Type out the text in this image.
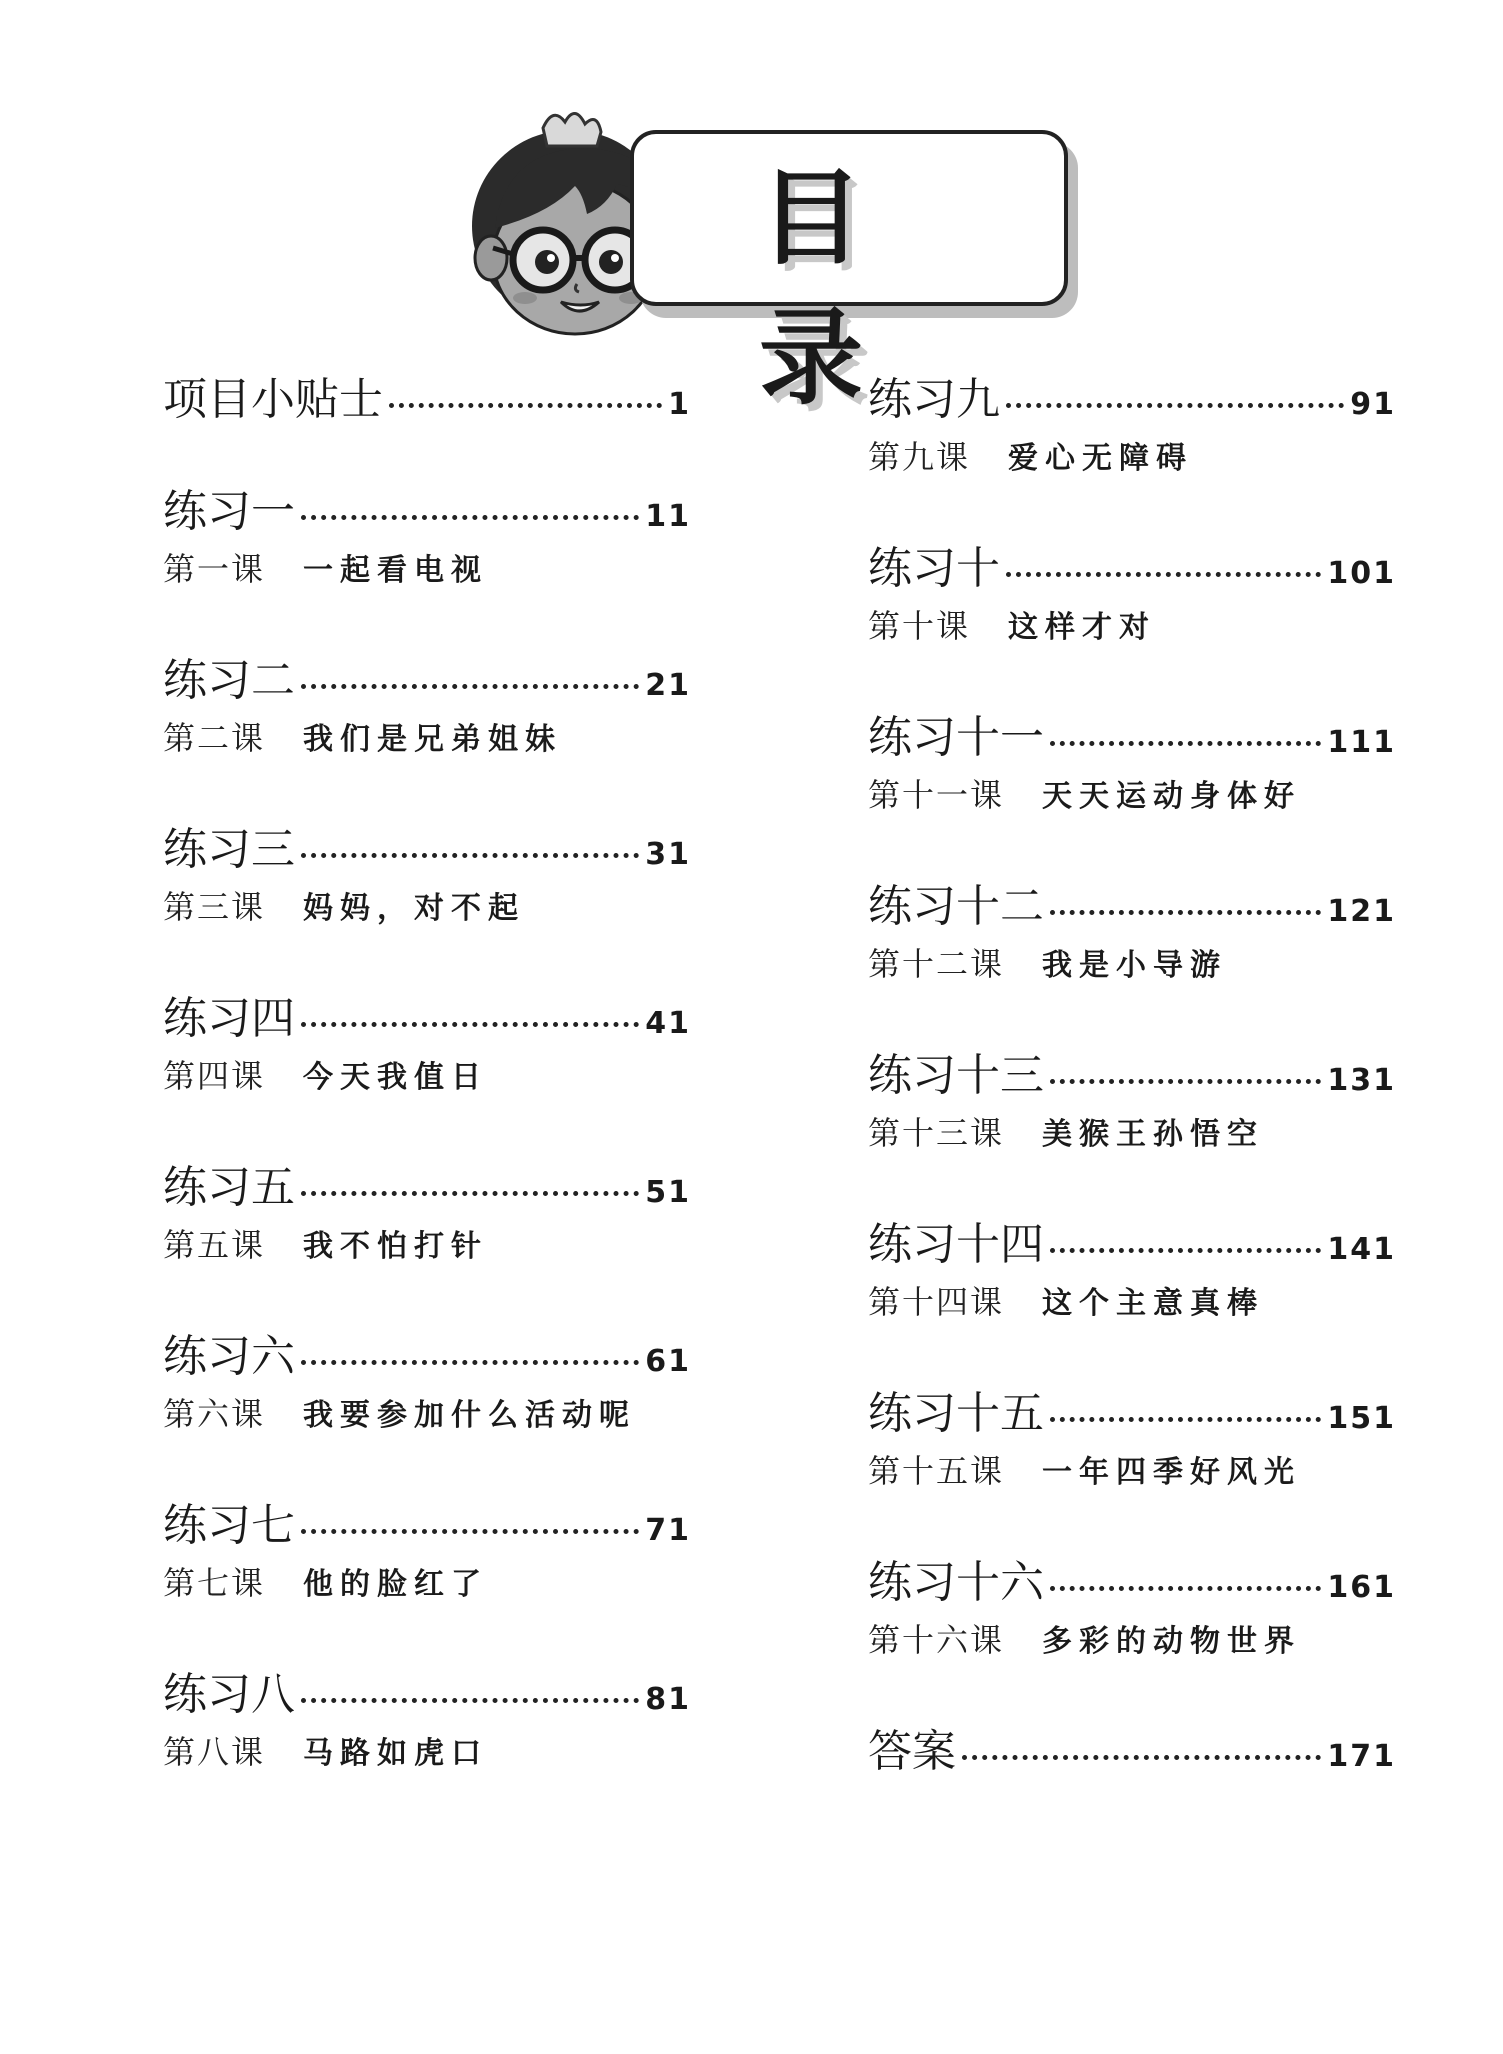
目 录
项目小贴士	1
练习一	11
第一课 一起看电视
练习二	21
第二课 我们是兄弟姐妹
练习三	31
第三课 妈妈，对不起
练习四	41
第四课 今天我值日
练习五	51
第五课 我不怕打针
练习六	61
第六课 我要参加什么活动呢
练习七	71
第七课 他的脸红了
练习八	81
第八课 马路如虎口
练习九	91
第九课 爱心无障碍
练习十	101
第十课 这样才对
练习十一	111
第十一课 天天运动身体好
练习十二	121
第十二课 我是小导游
练习十三	131
第十三课 美猴王孙悟空
练习十四	141
第十四课 这个主意真棒
练习十五	151
第十五课 一年四季好风光
练习十六	161
第十六课 多彩的动物世界
答案	171
